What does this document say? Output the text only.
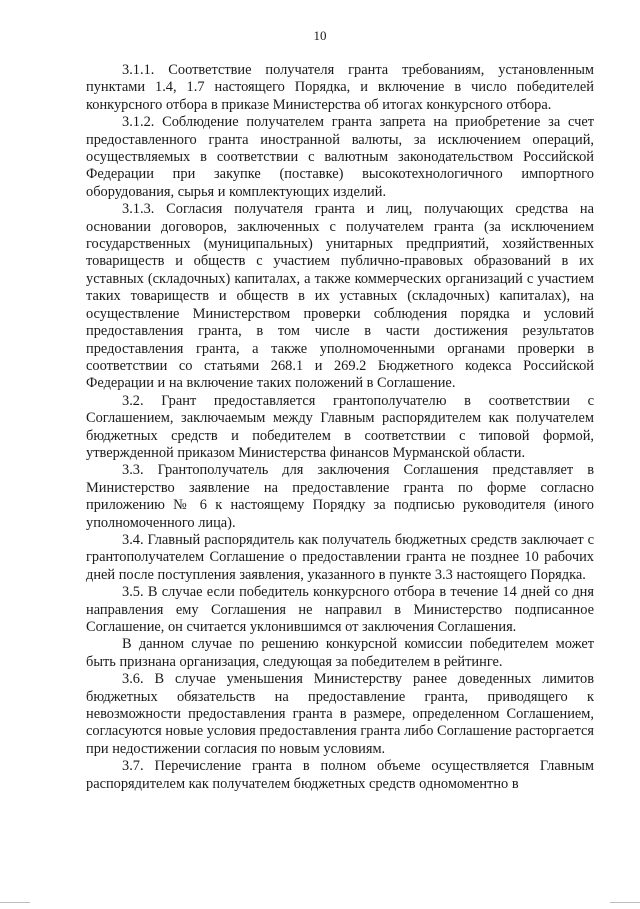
10

3.1.1. Соответствие получателя гранта требованиям, установленным пунктами 1.4, 1.7 настоящего Порядка, и включение в число победителей конкурсного отбора в приказе Министерства об итогах конкурсного отбора.

3.1.2. Соблюдение получателем гранта запрета на приобретение за счет предоставленного гранта иностранной валюты, за исключением операций, осуществляемых в соответствии с валютным законодательством Российской Федерации при закупке (поставке) высокотехнологичного импортного оборудования, сырья и комплектующих изделий.

3.1.3. Согласия получателя гранта и лиц, получающих средства на основании договоров, заключенных с получателем гранта (за исключением государственных (муниципальных) унитарных предприятий, хозяйственных товариществ и обществ с участием публично-правовых образований в их уставных (складочных) капиталах, а также коммерческих организаций с участием таких товариществ и обществ в их уставных (складочных) капиталах), на осуществление Министерством проверки соблюдения порядка и условий предоставления гранта, в том числе в части достижения результатов предоставления гранта, а также уполномоченными органами проверки в соответствии со статьями 268.1 и 269.2 Бюджетного кодекса Российской Федерации и на включение таких положений в Соглашение.

3.2. Грант предоставляется грантополучателю в соответствии с Соглашением, заключаемым между Главным распорядителем как получателем бюджетных средств и победителем в соответствии с типовой формой, утвержденной приказом Министерства финансов Мурманской области.

3.3. Грантополучатель для заключения Соглашения представляет в Министерство заявление на предоставление гранта по форме согласно приложению № 6 к настоящему Порядку за подписью руководителя (иного уполномоченного лица).

3.4. Главный распорядитель как получатель бюджетных средств заключает с грантополучателем Соглашение о предоставлении гранта не позднее 10 рабочих дней после поступления заявления, указанного в пункте 3.3 настоящего Порядка.

3.5. В случае если победитель конкурсного отбора в течение 14 дней со дня направления ему Соглашения не направил в Министерство подписанное Соглашение, он считается уклонившимся от заключения Соглашения.

В данном случае по решению конкурсной комиссии победителем может быть признана организация, следующая за победителем в рейтинге.

3.6. В случае уменьшения Министерству ранее доведенных лимитов бюджетных обязательств на предоставление гранта, приводящего к невозможности предоставления гранта в размере, определенном Соглашением, согласуются новые условия предоставления гранта либо Соглашение расторгается при недостижении согласия по новым условиям.

3.7. Перечисление гранта в полном объеме осуществляется Главным распорядителем как получателем бюджетных средств одномоментно в
